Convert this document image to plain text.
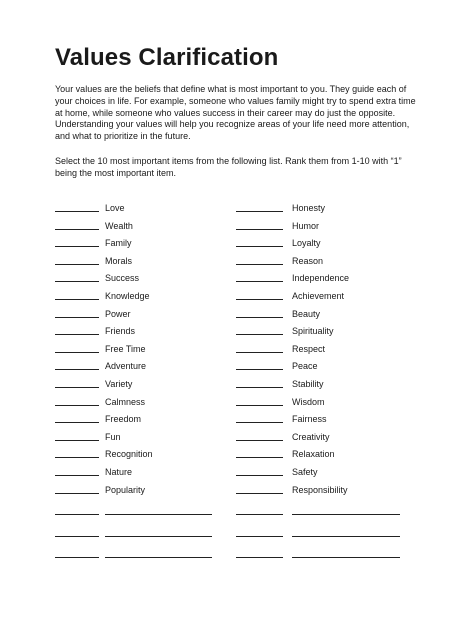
Values Clarification

Your values are the beliefs that define what is most important to you. They guide each of your choices in life. For example, someone who values family might try to spend extra time at home, while someone who values success in their career may do just the opposite. Understanding your values will help you recognize areas of your life need more attention, and what to prioritize in the future.

Select the 10 most important items from the following list. Rank them from 1-10 with “1” being the most important item.

Love
Wealth
Family
Morals
Success
Knowledge
Power
Friends
Free Time
Adventure
Variety
Calmness
Freedom
Fun
Recognition
Nature
Popularity
Honesty
Humor
Loyalty
Reason
Independence
Achievement
Beauty
Spirituality
Respect
Peace
Stability
Wisdom
Fairness
Creativity
Relaxation
Safety
Responsibility
